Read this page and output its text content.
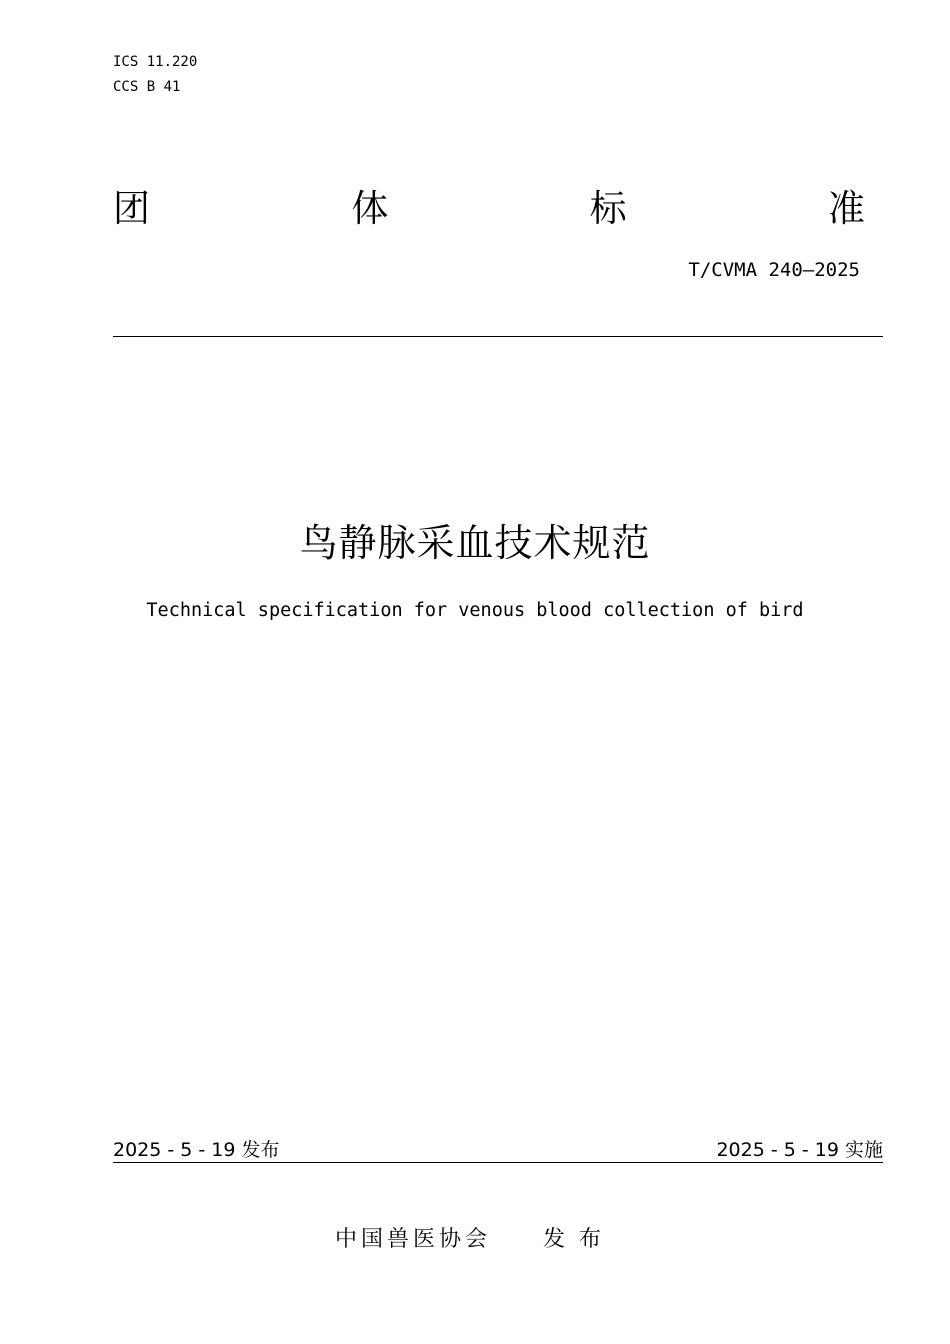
ICS 11.220
CCS B 41
团	体	标	准
T/CVMA 240—2025
鸟静脉采血技术规范
Technical specification for venous blood collection of bird
2025 - 5 - 19 发布	2025 - 5 - 19 实施
中国兽医协会 发布
